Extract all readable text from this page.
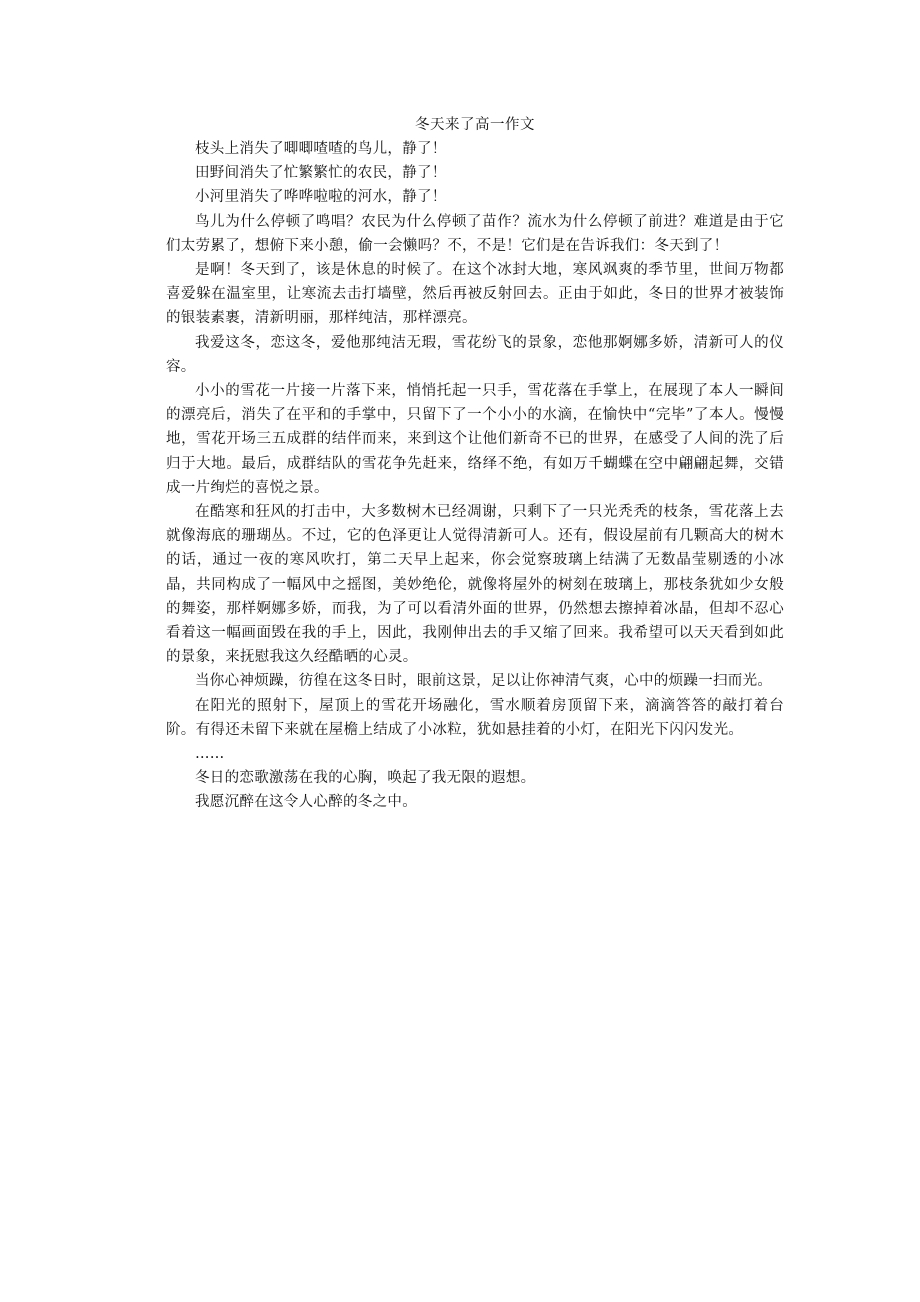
冬天来了高一作文

枝头上消失了唧唧喳喳的鸟儿，静了！

田野间消失了忙繁繁忙的农民，静了！

小河里消失了哗哗啦啦的河水，静了！

鸟儿为什么停顿了鸣唱？农民为什么停顿了苗作？流水为什么停顿了前进？难道是由于它们太劳累了，想俯下来小憩，偷一会懒吗？不，不是！它们是在告诉我们：冬天到了！

是啊！冬天到了，该是休息的时候了。在这个冰封大地，寒风飒爽的季节里，世间万物都喜爱躲在温室里，让寒流去击打墙壁，然后再被反射回去。正由于如此，冬日的世界才被装饰的银装素裹，清新明丽，那样纯洁，那样漂亮。

我爱这冬，恋这冬，爱他那纯洁无瑕，雪花纷飞的景象，恋他那婀娜多娇，清新可人的仪容。

小小的雪花一片接一片落下来，悄悄托起一只手，雪花落在手掌上，在展现了本人一瞬间的漂亮后，消失了在平和的手掌中，只留下了一个小小的水滴，在愉快中“完毕”了本人。慢慢地，雪花开场三五成群的结伴而来，来到这个让他们新奇不已的世界，在感受了人间的洗了后归于大地。最后，成群结队的雪花争先赶来，络绎不绝，有如万千蝴蝶在空中翩翩起舞，交错成一片绚烂的喜悦之景。

在酷寒和狂风的打击中，大多数树木已经凋谢，只剩下了一只光秃秃的枝条，雪花落上去就像海底的珊瑚丛。不过，它的色泽更让人觉得清新可人。还有，假设屋前有几颗高大的树木的话，通过一夜的寒风吹打，第二天早上起来，你会觉察玻璃上结满了无数晶莹剔透的小冰晶，共同构成了一幅风中之摇图，美妙绝伦，就像将屋外的树刻在玻璃上，那枝条犹如少女般的舞姿，那样婀娜多娇，而我，为了可以看清外面的世界，仍然想去擦掉着冰晶，但却不忍心看着这一幅画面毁在我的手上，因此，我刚伸出去的手又缩了回来。我希望可以天天看到如此的景象，来抚慰我这久经酷晒的心灵。

当你心神烦躁，彷徨在这冬日时，眼前这景，足以让你神清气爽，心中的烦躁一扫而光。

在阳光的照射下，屋顶上的雪花开场融化，雪水顺着房顶留下来，滴滴答答的敲打着台阶。有得还未留下来就在屋檐上结成了小冰粒，犹如悬挂着的小灯，在阳光下闪闪发光。

……

冬日的恋歌激荡在我的心胸，唤起了我无限的遐想。

我愿沉醉在这令人心醉的冬之中。
